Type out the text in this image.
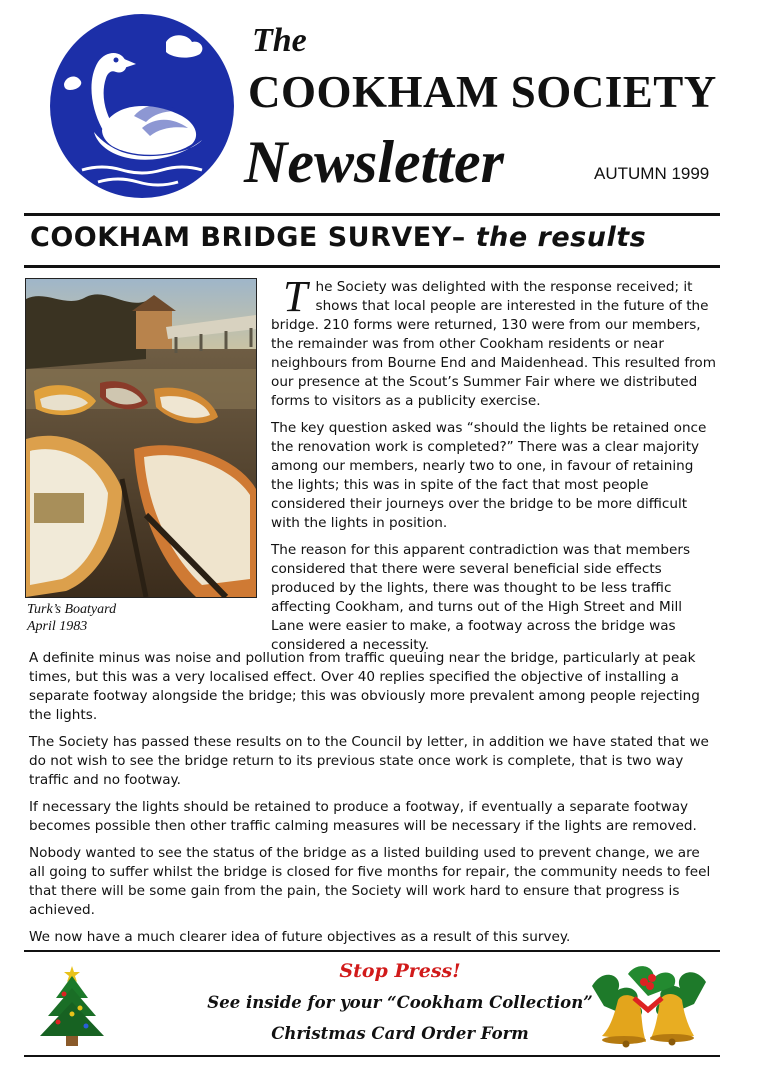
The
COOKHAM SOCIETY
Newsletter	AUTUMN 1999
COOKHAM BRIDGE SURVEY– the results
Turk’s Boatyard
April 1983

The Society was delighted with the response received; it shows that local people are interested in the future of the bridge. 210 forms were returned, 130 were from our members, the remainder was from other Cookham residents or near neighbours from Bourne End and Maidenhead. This resulted from our presence at the Scout’s Summer Fair where we distributed forms to visitors as a publicity exercise.

The key question asked was “should the lights be retained once the renovation work is completed?” There was a clear majority among our members, nearly two to one, in favour of retaining the lights; this was in spite of the fact that most people considered their journeys over the bridge to be more difficult with the lights in position.

The reason for this apparent contradiction was that members considered that there were several beneficial side effects produced by the lights, there was thought to be less traffic affecting Cookham, and turns out of the High Street and Mill Lane were easier to make, a footway across the bridge was considered a necessity.

A definite minus was noise and pollution from traffic queuing near the bridge, particularly at peak times, but this was a very localised effect. Over 40 replies specified the objective of installing a separate footway alongside the bridge; this was obviously more prevalent among people rejecting the lights.

The Society has passed these results on to the Council by letter, in addition we have stated that we do not wish to see the bridge return to its previous state once work is complete, that is two way traffic and no footway.

If necessary the lights should be retained to produce a footway, if eventually a separate footway becomes possible then other traffic calming measures will be necessary if the lights are removed.

Nobody wanted to see the status of the bridge as a listed building used to prevent change, we are all going to suffer whilst the bridge is closed for five months for repair, the community needs to feel that there will be some gain from the pain, the Society will work hard to ensure that progress is achieved.

We now have a much clearer idea of future objectives as a result of this survey.

Stop Press!
See inside for your “Cookham Collection”
Christmas Card Order Form
